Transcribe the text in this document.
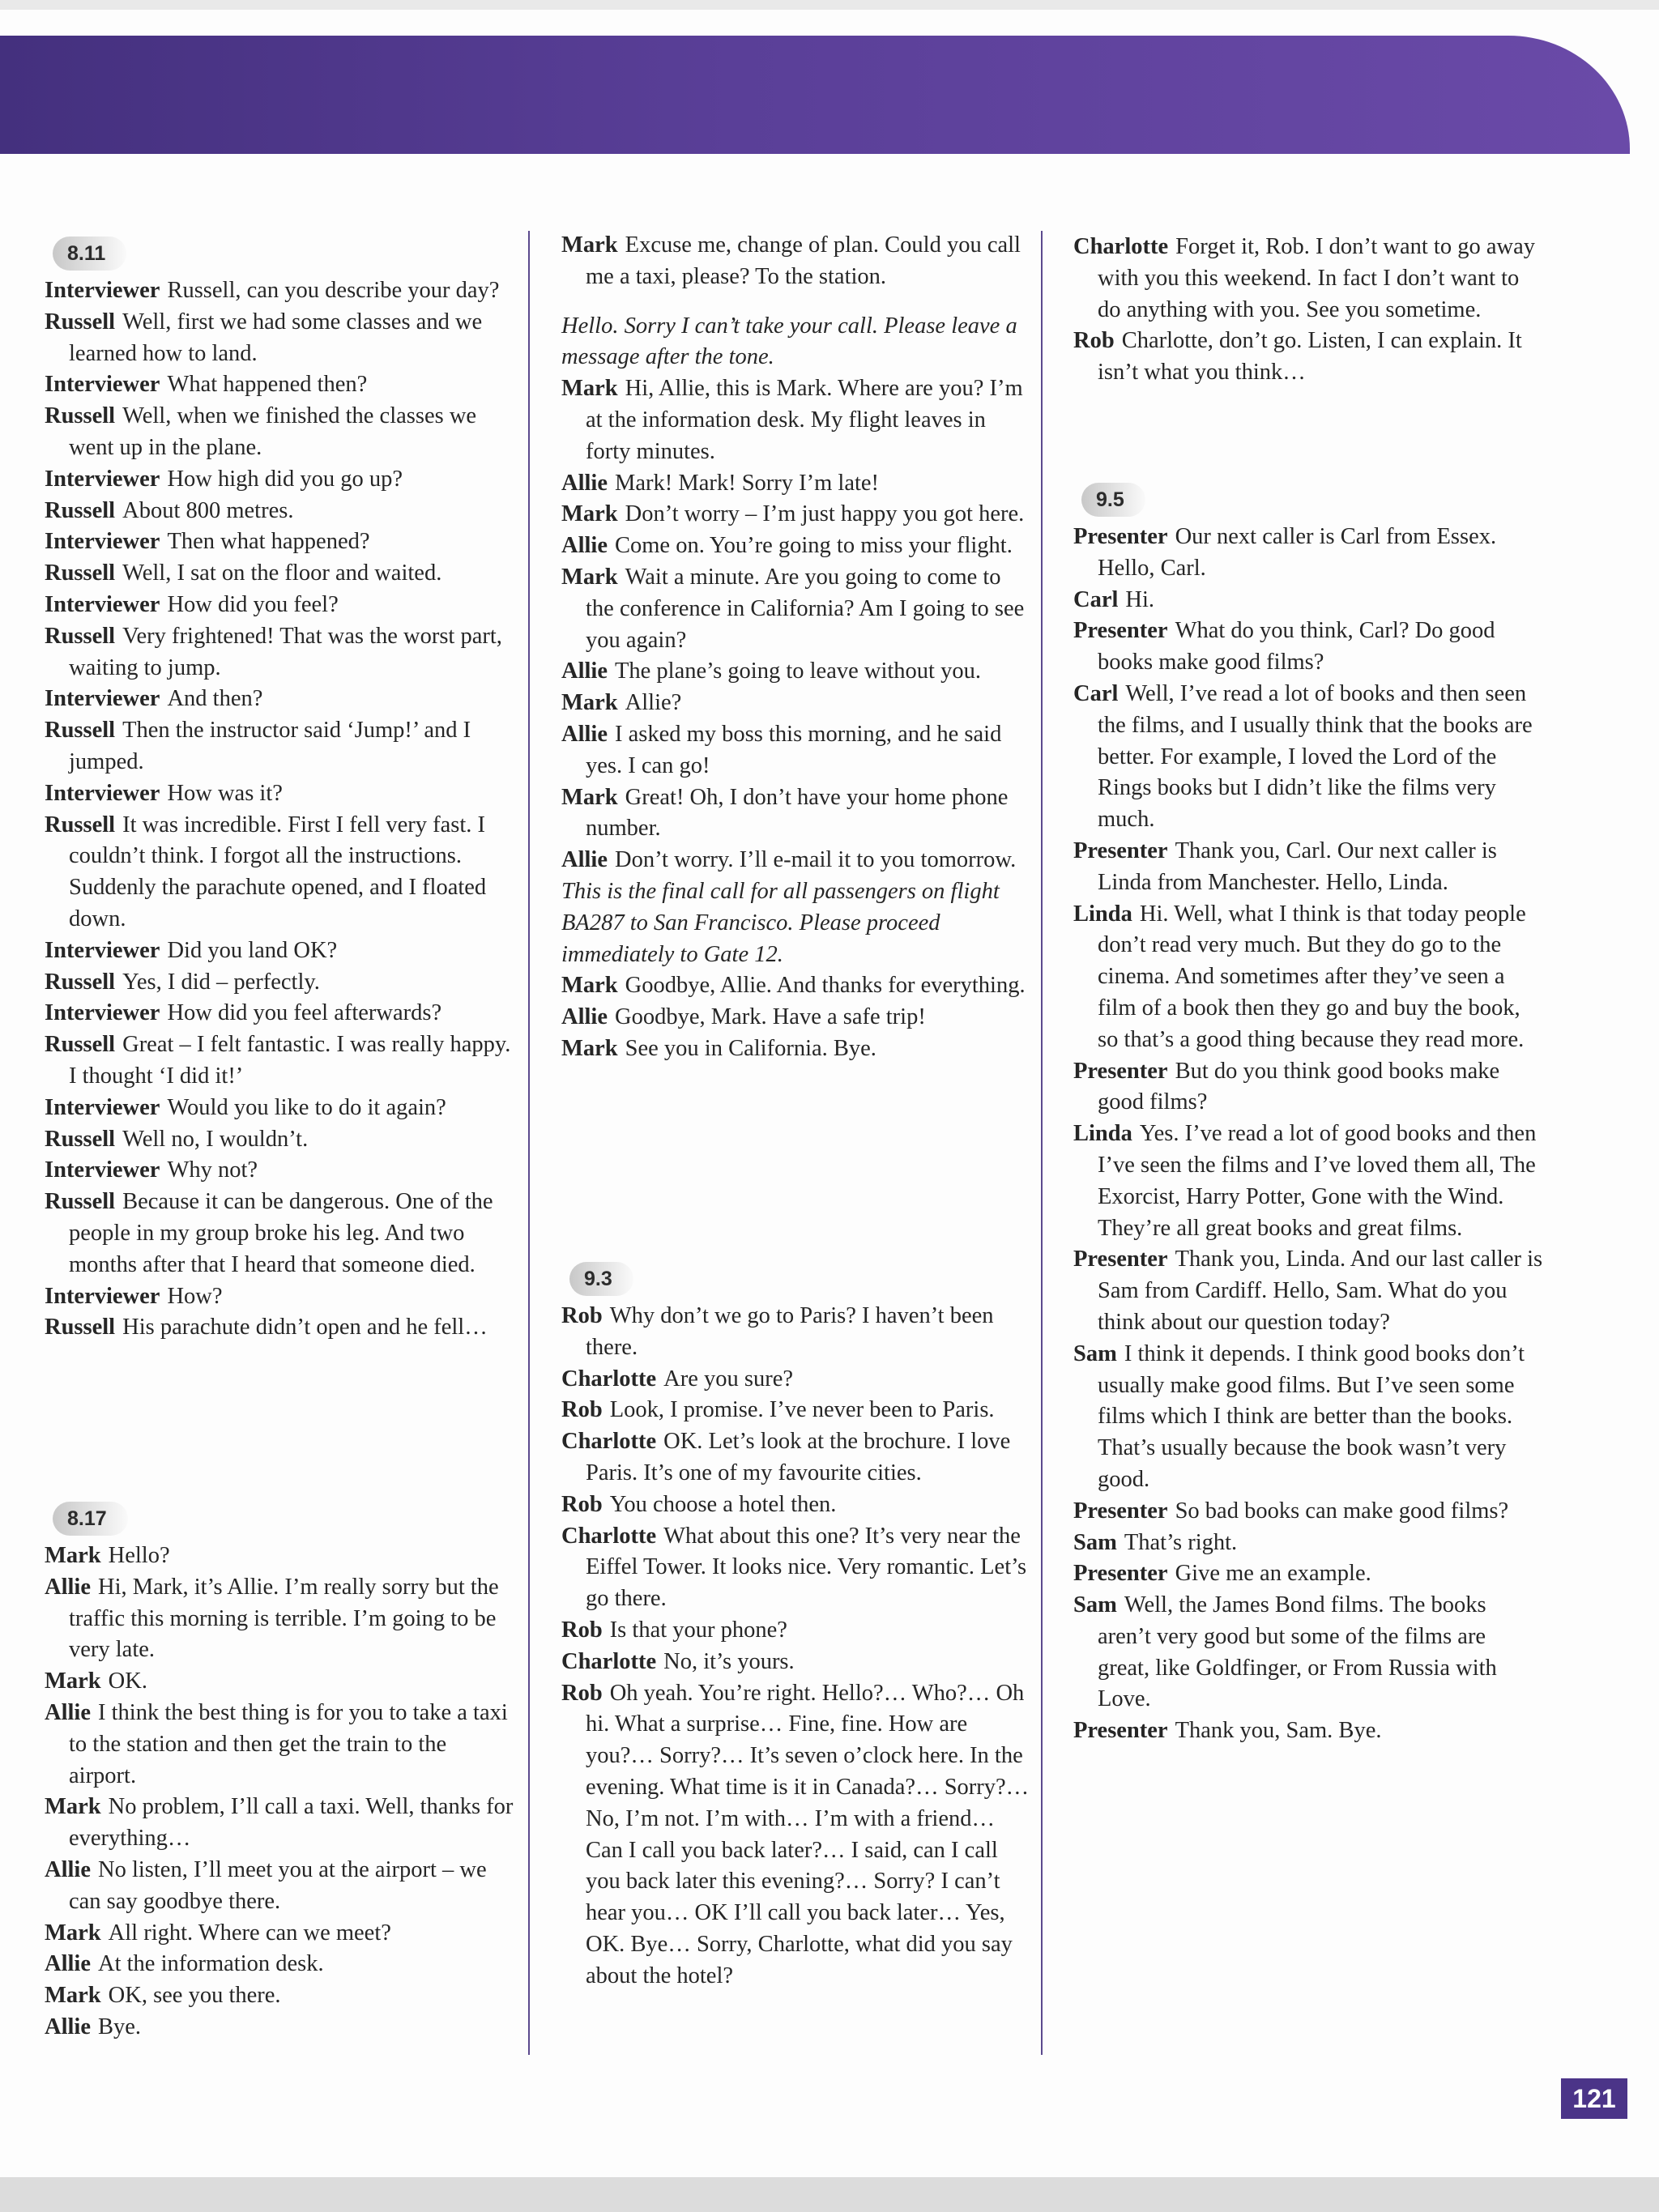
8.11
Interviewer Russell, can you describe your day?
Russell Well, first we had some classes and we learned how to land.
Interviewer What happened then?
Russell Well, when we finished the classes we went up in the plane.
Interviewer How high did you go up?
Russell About 800 metres.
Interviewer Then what happened?
Russell Well, I sat on the floor and waited.
Interviewer How did you feel?
Russell Very frightened! That was the worst part, waiting to jump.
Interviewer And then?
Russell Then the instructor said ‘Jump!’ and I jumped.
Interviewer How was it?
Russell It was incredible. First I fell very fast. I couldn’t think. I forgot all the instructions. Suddenly the parachute opened, and I floated down.
Interviewer Did you land OK?
Russell Yes, I did – perfectly.
Interviewer How did you feel afterwards?
Russell Great – I felt fantastic. I was really happy. I thought ‘I did it!’
Interviewer Would you like to do it again?
Russell Well no, I wouldn’t.
Interviewer Why not?
Russell Because it can be dangerous. One of the people in my group broke his leg. And two months after that I heard that someone died.
Interviewer How?
Russell His parachute didn’t open and he fell…
8.17
Mark Hello?
Allie Hi, Mark, it’s Allie. I’m really sorry but the traffic this morning is terrible. I’m going to be very late.
Mark OK.
Allie I think the best thing is for you to take a taxi to the station and then get the train to the airport.
Mark No problem, I’ll call a taxi. Well, thanks for everything…
Allie No listen, I’ll meet you at the airport – we can say goodbye there.
Mark All right. Where can we meet?
Allie At the information desk.
Mark OK, see you there.
Allie Bye.
Mark Excuse me, change of plan. Could you call me a taxi, please? To the station.
Hello. Sorry I can’t take your call. Please leave a message after the tone.
Mark Hi, Allie, this is Mark. Where are you? I’m at the information desk. My flight leaves in forty minutes.
Allie Mark! Mark! Sorry I’m late!
Mark Don’t worry – I’m just happy you got here.
Allie Come on. You’re going to miss your flight.
Mark Wait a minute. Are you going to come to the conference in California? Am I going to see you again?
Allie The plane’s going to leave without you.
Mark Allie?
Allie I asked my boss this morning, and he said yes. I can go!
Mark Great! Oh, I don’t have your home phone number.
Allie Don’t worry. I’ll e-mail it to you tomorrow.
This is the final call for all passengers on flight BA287 to San Francisco. Please proceed immediately to Gate 12.
Mark Goodbye, Allie. And thanks for everything.
Allie Goodbye, Mark. Have a safe trip!
Mark See you in California. Bye.
9.3
Rob Why don’t we go to Paris? I haven’t been there.
Charlotte Are you sure?
Rob Look, I promise. I’ve never been to Paris.
Charlotte OK. Let’s look at the brochure. I love Paris. It’s one of my favourite cities.
Rob You choose a hotel then.
Charlotte What about this one? It’s very near the Eiffel Tower. It looks nice. Very romantic. Let’s go there.
Rob Is that your phone?
Charlotte No, it’s yours.
Rob Oh yeah. You’re right. Hello?… Who?… Oh hi. What a surprise… Fine, fine. How are you?… Sorry?… It’s seven o’clock here. In the evening. What time is it in Canada?… Sorry?… No, I’m not. I’m with… I’m with a friend… Can I call you back later?… I said, can I call you back later this evening?… Sorry? I can’t hear you… OK I’ll call you back later… Yes, OK. Bye… Sorry, Charlotte, what did you say about the hotel?
Charlotte Forget it, Rob. I don’t want to go away with you this weekend. In fact I don’t want to do anything with you. See you sometime.
Rob Charlotte, don’t go. Listen, I can explain. It isn’t what you think…
9.5
Presenter Our next caller is Carl from Essex. Hello, Carl.
Carl Hi.
Presenter What do you think, Carl? Do good books make good films?
Carl Well, I’ve read a lot of books and then seen the films, and I usually think that the books are better. For example, I loved the Lord of the Rings books but I didn’t like the films very much.
Presenter Thank you, Carl. Our next caller is Linda from Manchester. Hello, Linda.
Linda Hi. Well, what I think is that today people don’t read very much. But they do go to the cinema. And sometimes after they’ve seen a film of a book then they go and buy the book, so that’s a good thing because they read more.
Presenter But do you think good books make good films?
Linda Yes. I’ve read a lot of good books and then I’ve seen the films and I’ve loved them all, The Exorcist, Harry Potter, Gone with the Wind. They’re all great books and great films.
Presenter Thank you, Linda. And our last caller is Sam from Cardiff. Hello, Sam. What do you think about our question today?
Sam I think it depends. I think good books don’t usually make good films. But I’ve seen some films which I think are better than the books. That’s usually because the book wasn’t very good.
Presenter So bad books can make good films?
Sam That’s right.
Presenter Give me an example.
Sam Well, the James Bond films. The books aren’t very good but some of the films are great, like Goldfinger, or From Russia with Love.
Presenter Thank you, Sam. Bye.
121
